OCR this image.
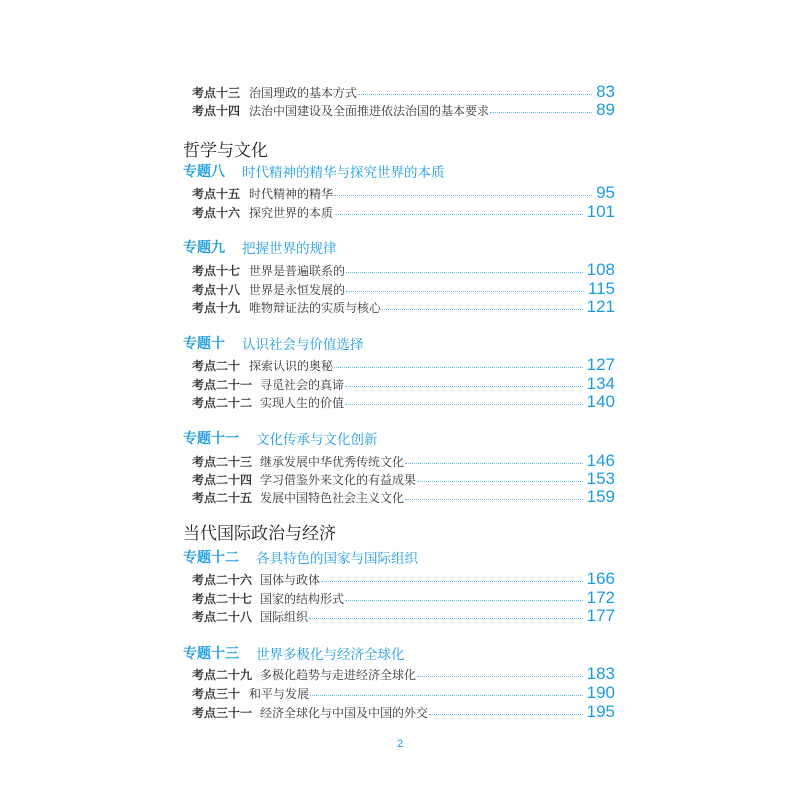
考点十三 治国理政的基本方式	83
考点十四 法治中国建设及全面推进依法治国的基本要求	89
哲学与文化
专题八	时代精神的精华与探究世界的本质
考点十五 时代精神的精华	95
考点十六 探究世界的本质	101
专题九	把握世界的规律
考点十七 世界是普遍联系的	108
考点十八 世界是永恒发展的	115
考点十九 唯物辩证法的实质与核心	121
专题十	认识社会与价值选择
考点二十 探索认识的奥秘	127
考点二十一 寻觅社会的真谛	134
考点二十二 实现人生的价值	140
专题十一	文化传承与文化创新
考点二十三 继承发展中华优秀传统文化	146
考点二十四 学习借鉴外来文化的有益成果	153
考点二十五 发展中国特色社会主义文化	159
当代国际政治与经济
专题十二	各具特色的国家与国际组织
考点二十六 国体与政体	166
考点二十七 国家的结构形式	172
考点二十八 国际组织	177
专题十三	世界多极化与经济全球化
考点二十九 多极化趋势与走进经济全球化	183
考点三十 和平与发展	190
考点三十一 经济全球化与中国及中国的外交	195
2
